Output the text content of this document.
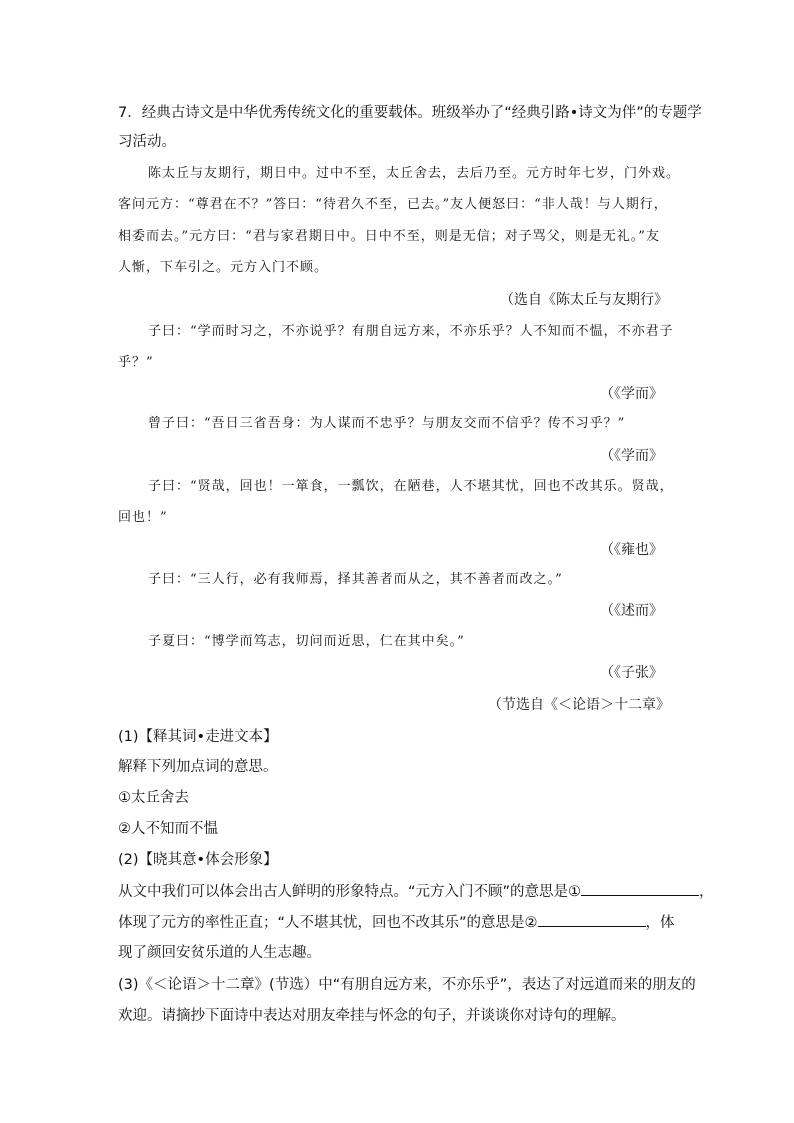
7．经典古诗文是中华优秀传统文化的重要载体。班级举办了“经典引路•诗文为伴”的专题学
习活动。
陈太丘与友期行，期日中。过中不至，太丘舍去，去后乃至。元方时年七岁，门外戏。
客问元方：“尊君在不？”答曰：“待君久不至，已去。”友人便怒曰：“非人哉！与人期行，
相委而去。”元方曰：“君与家君期日中。日中不至，则是无信；对子骂父，则是无礼。”友
人惭，下车引之。元方入门不顾。
（选自《陈太丘与友期行》
子曰：“学而时习之，不亦说乎？有朋自远方来，不亦乐乎？人不知而不愠，不亦君子
乎？”
（《学而》
曾子曰：“吾日三省吾身：为人谋而不忠乎？与朋友交而不信乎？传不习乎？”
（《学而》
子曰：“贤哉，回也！一箪食，一瓢饮，在陋巷，人不堪其忧，回也不改其乐。贤哉，
回也！”
（《雍也》
子曰：“三人行，必有我师焉，择其善者而从之，其不善者而改之。”
（《述而》
子夏曰：“博学而笃志，切问而近思，仁在其中矣。”
（《子张》
（节选自《＜论语＞十二章》
(1)【释其词•走进文本】
解释下列加点词的意思。
①太丘舍去
②人不知而不愠
(2)【晓其意•体会形象】
从文中我们可以体会出古人鲜明的形象特点。“元方入门不顾”的意思是①	，
体现了元方的率性正直；“人不堪其忧，回也不改其乐”的意思是②	，体
现了颜回安贫乐道的人生志趣。
(3)《＜论语＞十二章》(节选）中“有朋自远方来，不亦乐乎”，表达了对远道而来的朋友的
欢迎。请摘抄下面诗中表达对朋友牵挂与怀念的句子，并谈谈你对诗句的理解。
